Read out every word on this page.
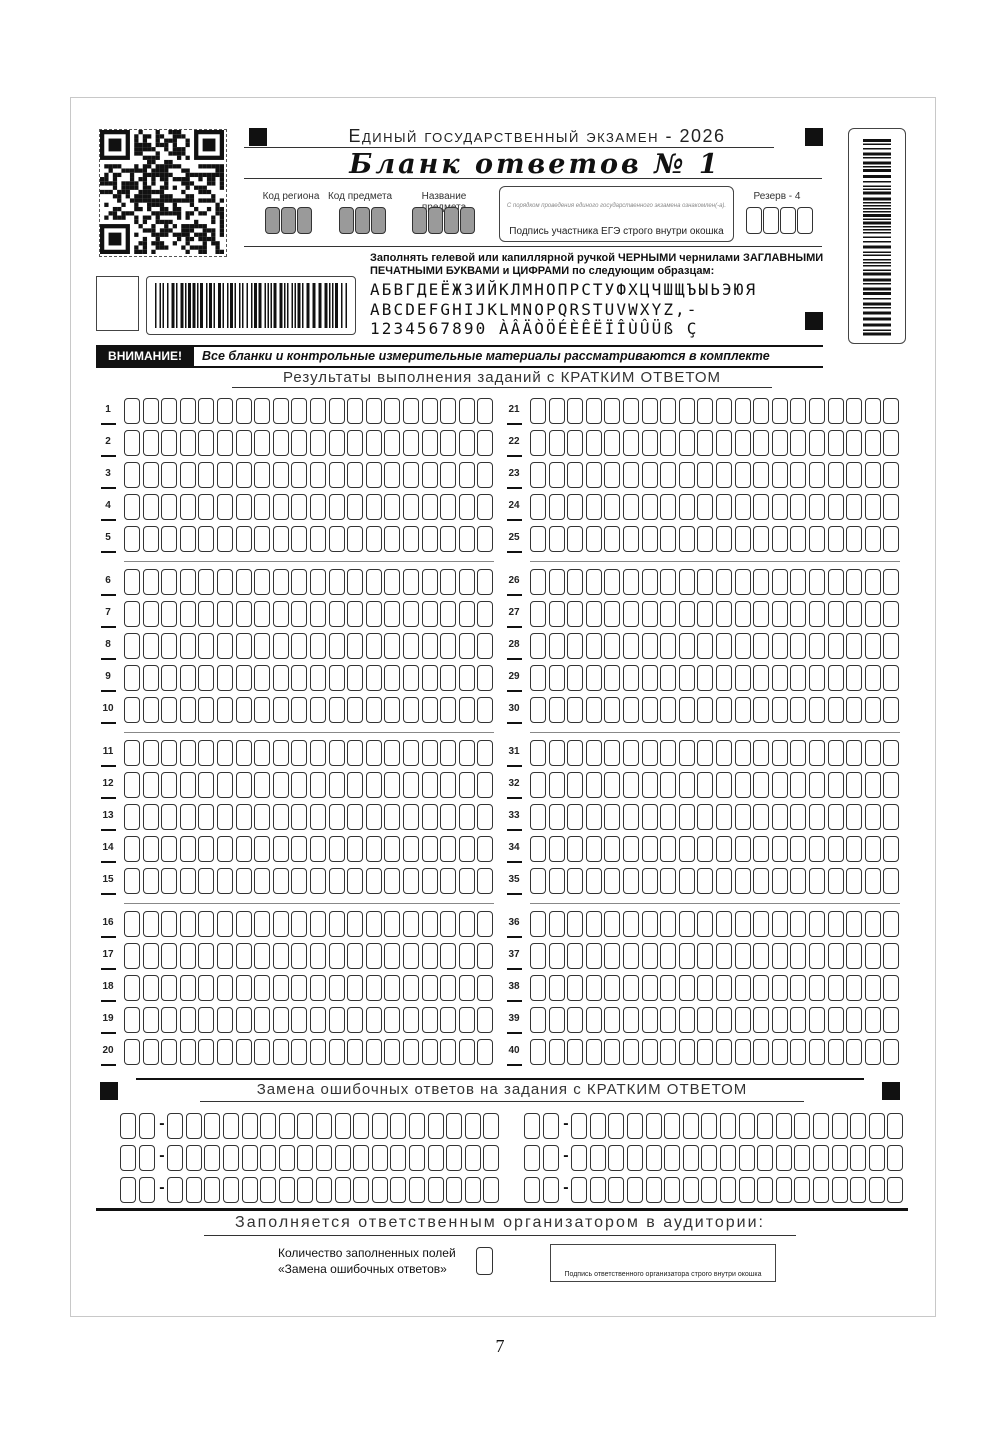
Единый государственный экзамен - 2026
Бланк ответов № 1
Код региона Код предмета	Название
С порядком проведения единого государственного экзамена ознакомлен(-а).
Подпись участника ЕГЭ строго внутри окошка
Резерв - 4
Заполнять гелевой или капиллярной ручкой ЧЕРНЫМИ чернилами ЗАГЛАВНЫМИ ПЕЧАТНЫМИ БУКВАМИ и ЦИФРАМИ по следующим образцам:
АБВГДЕЁЖЗИЙКЛМНОПРСТУФХЦЧШЩЪЫЬЭЮЯ
ABCDEFGHIJKLMNOPQRSTUVWXYZ,-
1234567890 ÀÂÄÒÖÉÈÊËÏÎÙÛÜß Ç
ВНИМАНИЕ!	Все бланки и контрольные измерительные материалы рассматриваются в комплекте
Результаты выполнения заданий с КРАТКИМ ОТВЕТОМ
1
2
3
4
5
6
7
8
9
10
11
12
13
14
15
16
17
18
19
20
21
22
23
24
25
26
27
28
29
30
31
32
33
34
35
36
37
38
39
40
Замена ошибочных ответов на задания с КРАТКИМ ОТВЕТОМ
-
-
-
-
-
-
Заполняется ответственным организатором в аудитории:
Количество заполненных полей
«Замена ошибочных ответов»	Подпись ответственного организатора строго внутри окошка
7
